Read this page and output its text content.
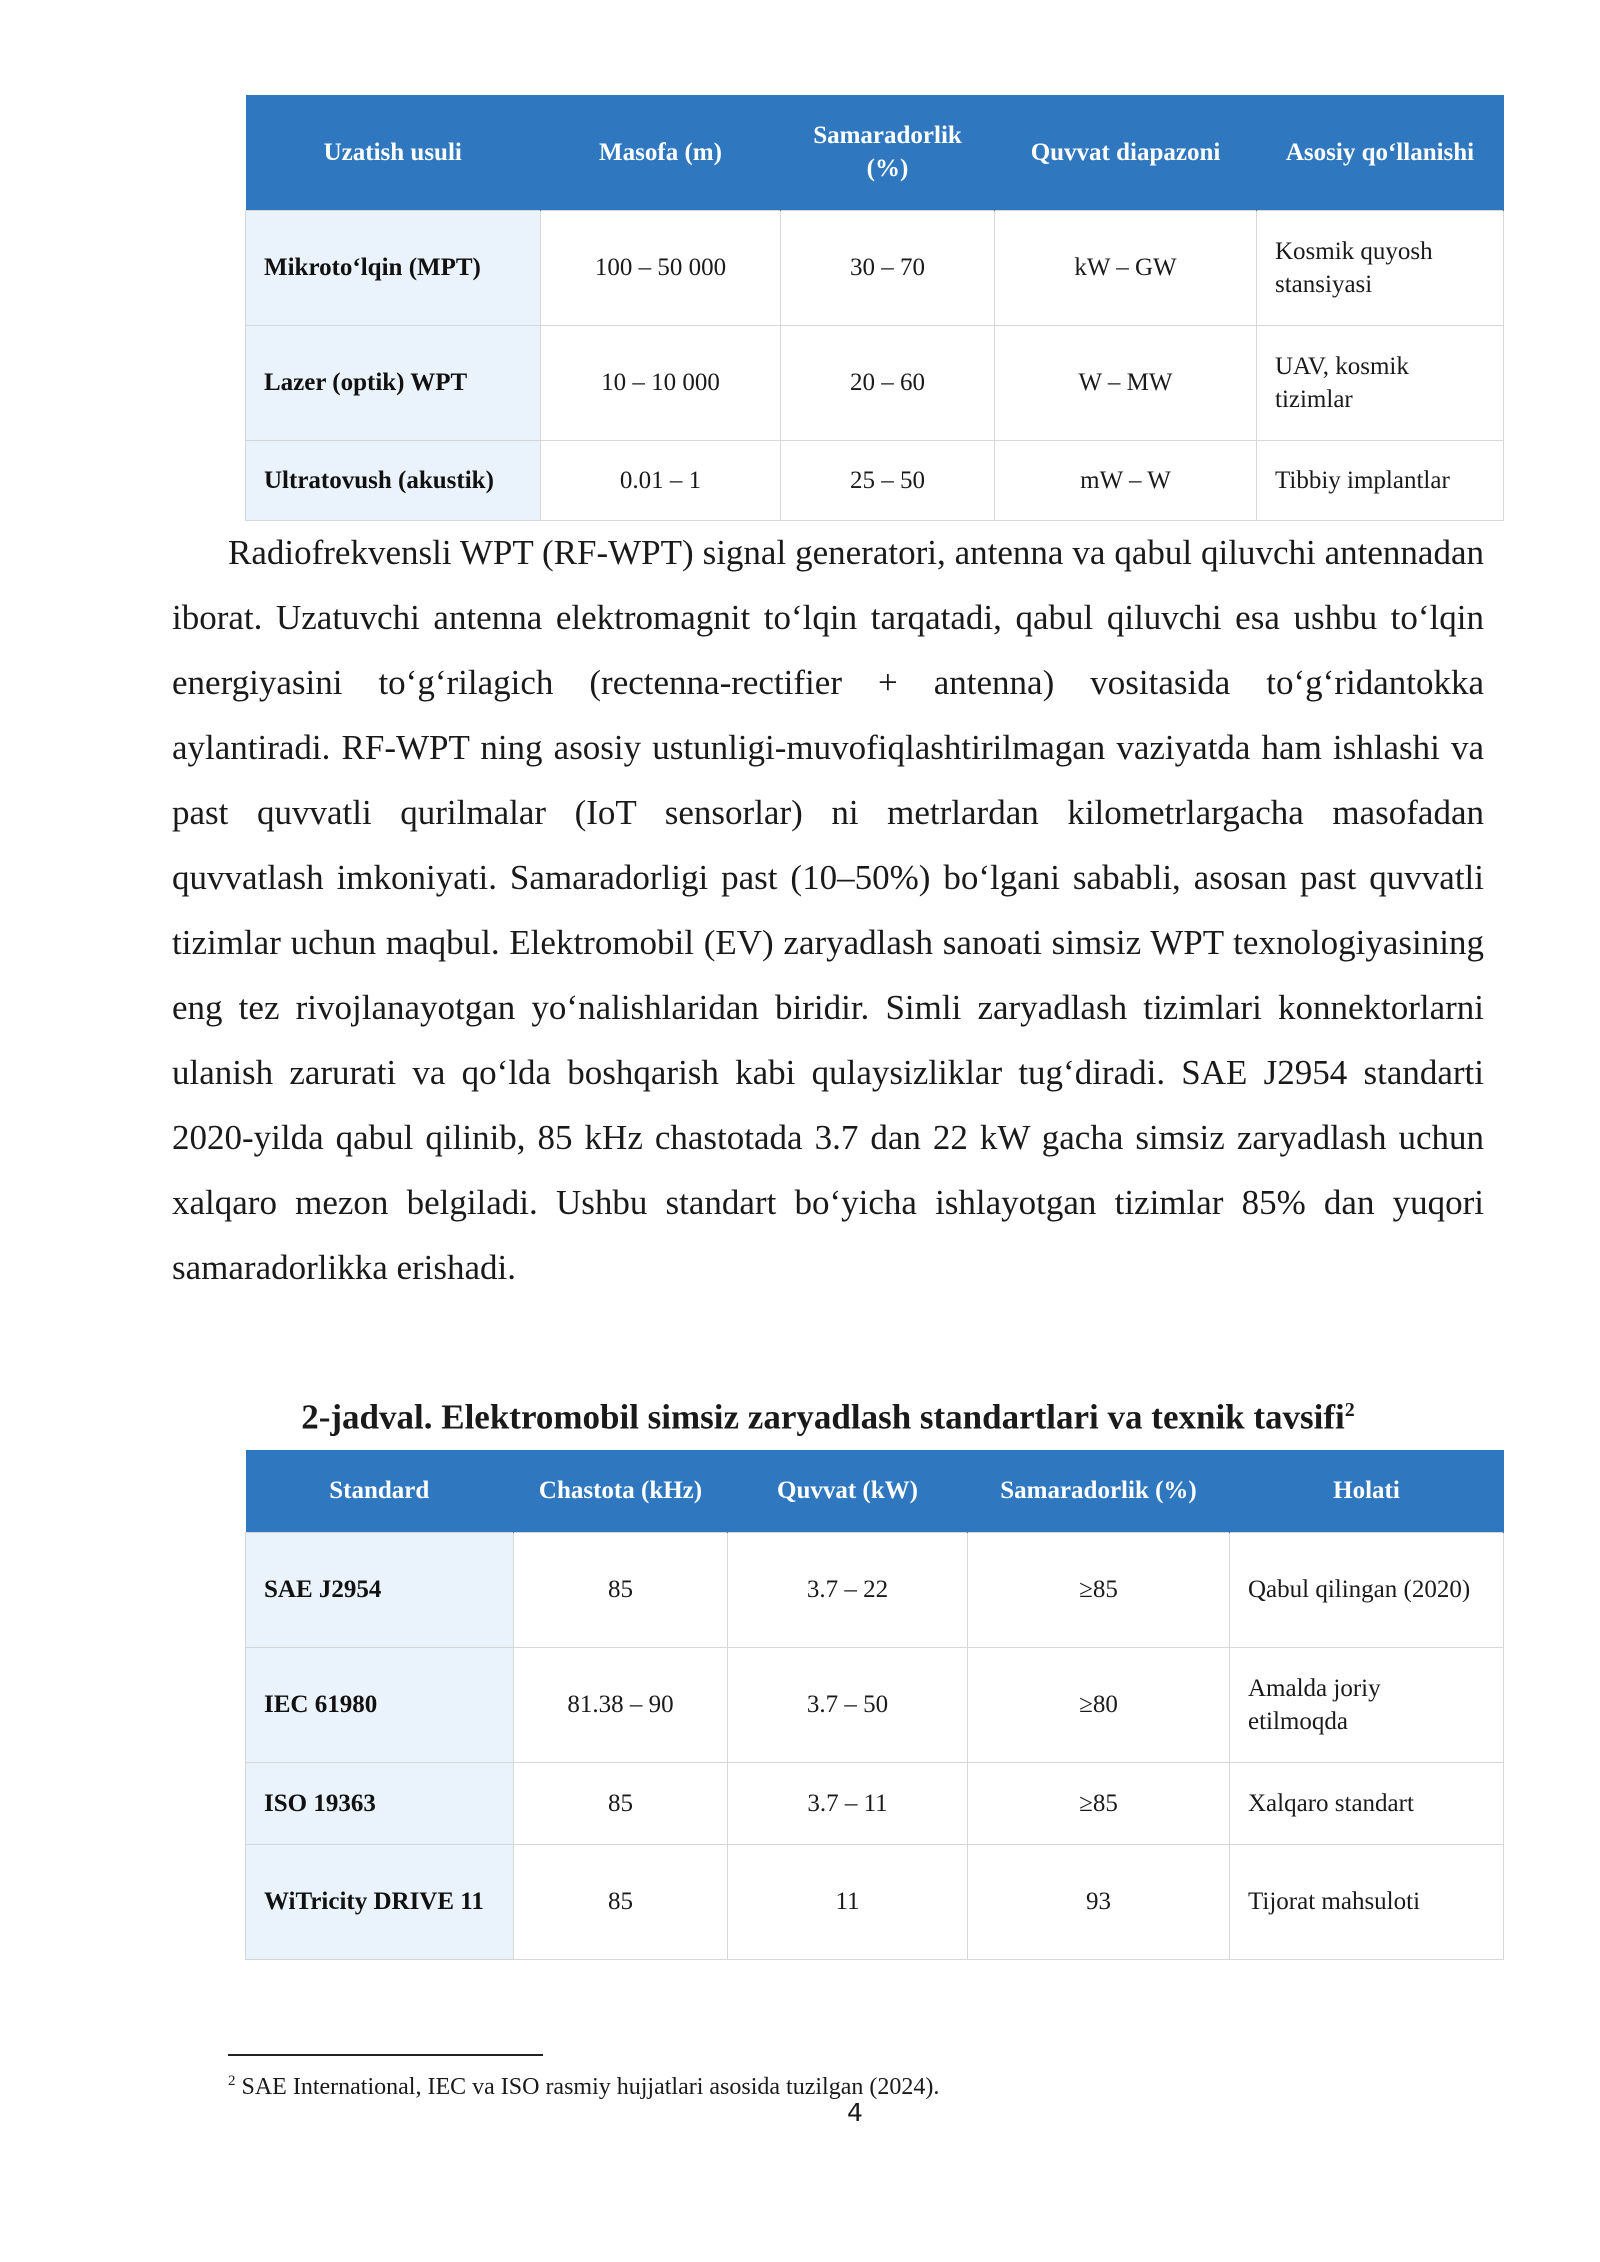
Uzatish usuli	Masofa (m)	Samaradorlik (%)	Quvvat diapazoni	Asosiy qo‘llanishi
Mikroto‘lqin (MPT)	100 – 50 000	30 – 70	kW – GW	Kosmik quyosh stansiyasi
Lazer (optik) WPT	10 – 10 000	20 – 60	W – MW	UAV, kosmik tizimlar
Ultratovush (akustik)	0.01 – 1	25 – 50	mW – W	Tibbiy implantlar

Radiofrekvensli WPT (RF-WPT) signal generatori, antenna va qabul qiluvchi antennadan iborat. Uzatuvchi antenna elektromagnit to‘lqin tarqatadi, qabul qiluvchi esa ushbu to‘lqin energiyasini to‘g‘rilagich (rectenna-rectifier + antenna) vositasida to‘g‘ridantokka aylantiradi. RF-WPT ning asosiy ustunligi-muvofiqlashtirilmagan vaziyatda ham ishlashi va past quvvatli qurilmalar (IoT sensorlar) ni metrlardan kilometrlargacha masofadan quvvatlash imkoniyati. Samaradorligi past (10–50%) bo‘lgani sababli, asosan past quvvatli tizimlar uchun maqbul. Elektromobil (EV) zaryadlash sanoati simsiz WPT texnologiyasining eng tez rivojlanayotgan yo‘nalishlaridan biridir. Simli zaryadlash tizimlari konnektorlarni ulanish zarurati va qo‘lda boshqarish kabi qulaysizliklar tug‘diradi. SAE J2954 standarti 2020-yilda qabul qilinib, 85 kHz chastotada 3.7 dan 22 kW gacha simsiz zaryadlash uchun xalqaro mezon belgiladi. Ushbu standart bo‘yicha ishlayotgan tizimlar 85% dan yuqori samaradorlikka erishadi.

2-jadval. Elektromobil simsiz zaryadlash standartlari va texnik tavsifi$^2$

Standard	Chastota (kHz)	Quvvat (kW)	Samaradorlik (%)	Holati
SAE J2954	85	3.7 – 22	≥85	Qabul qilingan (2020)
IEC 61980	81.38 – 90	3.7 – 50	≥80	Amalda joriy etilmoqda
ISO 19363	85	3.7 – 11	≥85	Xalqaro standart
WiTricity DRIVE 11	85	11	93	Tijorat mahsuloti
$^2$ SAE International, IEC va ISO rasmiy hujjatlari asosida tuzilgan (2024).
4
